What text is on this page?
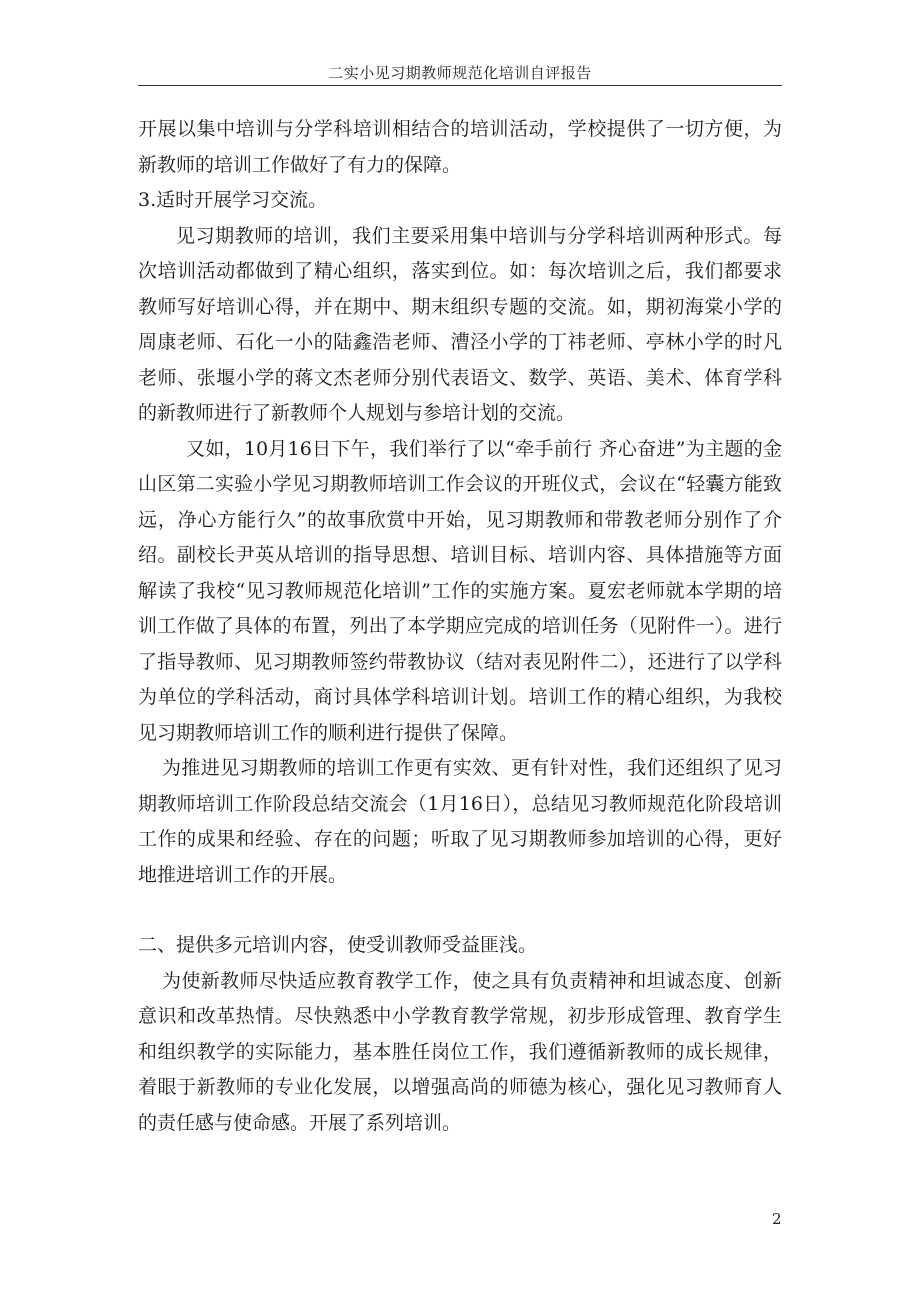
二实小见习期教师规范化培训自评报告

开展以集中培训与分学科培训相结合的培训活动，学校提供了一切方便，为新教师的培训工作做好了有力的保障。

3.适时开展学习交流。

见习期教师的培训，我们主要采用集中培训与分学科培训两种形式。每次培训活动都做到了精心组织，落实到位。如：每次培训之后，我们都要求教师写好培训心得，并在期中、期末组织专题的交流。如，期初海棠小学的周康老师、石化一小的陆鑫浩老师、漕泾小学的丁祎老师、亭林小学的时凡老师、张堰小学的蒋文杰老师分别代表语文、数学、英语、美术、体育学科的新教师进行了新教师个人规划与参培计划的交流。

又如，10月16日下午，我们举行了以“牵手前行 齐心奋进”为主题的金山区第二实验小学见习期教师培训工作会议的开班仪式，会议在“轻囊方能致远，净心方能行久”的故事欣赏中开始，见习期教师和带教老师分别作了介绍。副校长尹英从培训的指导思想、培训目标、培训内容、具体措施等方面解读了我校“见习教师规范化培训”工作的实施方案。夏宏老师就本学期的培训工作做了具体的布置，列出了本学期应完成的培训任务（见附件一）。进行了指导教师、见习期教师签约带教协议（结对表见附件二），还进行了以学科为单位的学科活动，商讨具体学科培训计划。培训工作的精心组织，为我校见习期教师培训工作的顺利进行提供了保障。

为推进见习期教师的培训工作更有实效、更有针对性，我们还组织了见习期教师培训工作阶段总结交流会（1月16日），总结见习教师规范化阶段培训工作的成果和经验、存在的问题；听取了见习期教师参加培训的心得，更好地推进培训工作的开展。

二、提供多元培训内容，使受训教师受益匪浅。

为使新教师尽快适应教育教学工作，使之具有负责精神和坦诚态度、创新意识和改革热情。尽快熟悉中小学教育教学常规，初步形成管理、教育学生和组织教学的实际能力，基本胜任岗位工作，我们遵循新教师的成长规律，着眼于新教师的专业化发展，以增强高尚的师德为核心，强化见习教师育人的责任感与使命感。开展了系列培训。

2
